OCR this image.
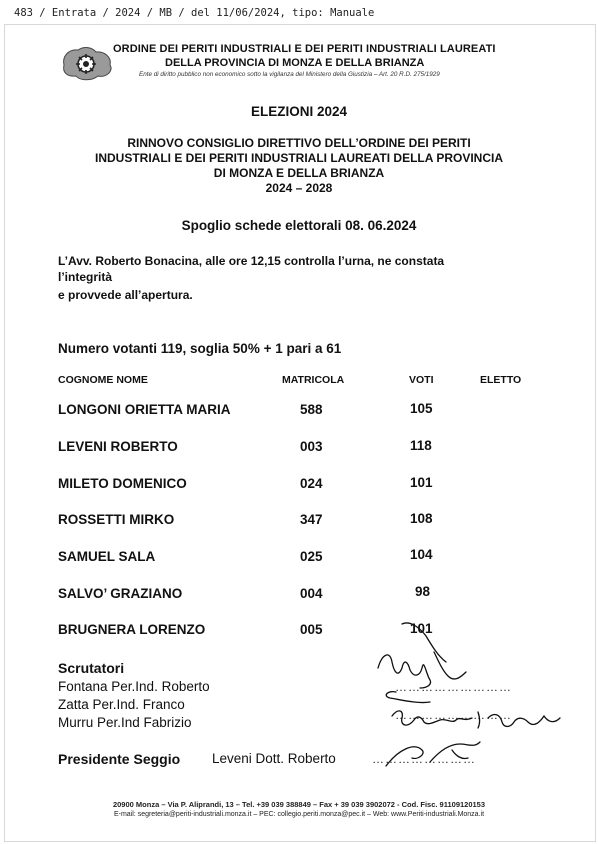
483 / Entrata / 2024 / MB / del 11/06/2024, tipo: Manuale
ORDINE DEI PERITI INDUSTRIALI E DEI PERITI INDUSTRIALI LAUREATI
DELLA PROVINCIA DI MONZA E DELLA BRIANZA
Ente di diritto pubblico non economico sotto la vigilanza del Ministero della Giustizia – Art. 20 R.D. 275/1929
ELEZIONI 2024
RINNOVO CONSIGLIO DIRETTIVO DELL’ORDINE DEI PERITI
INDUSTRIALI E DEI PERITI INDUSTRIALI LAUREATI DELLA PROVINCIA
DI MONZA E DELLA BRIANZA
2024 – 2028
Spoglio schede elettorali 08. 06.2024
L’Avv. Roberto Bonacina, alle ore 12,15 controlla l’urna, ne constata
l’integrità
e provvede all’apertura.
Numero votanti 119, soglia 50% + 1 pari a 61
COGNOME NOME	MATRICOLA	VOTI	ELETTO
LONGONI ORIETTA MARIA	588	105
LEVENI ROBERTO	003	118
MILETO DOMENICO	024	101
ROSSETTI MIRKO	347	108
SAMUEL SALA	025	104
SALVO’ GRAZIANO	004	98
BRUGNERA LORENZO	005	101
Scrutatori
Fontana Per.Ind. Roberto
Zatta Per.Ind. Franco
Murru Per.Ind Fabrizio
………………………
………………………
Presidente Seggio Leveni Dott. Roberto	……………………
20900 Monza – Via P. Aliprandi, 13 – Tel. +39 039 388849 – Fax + 39 039 3902072 - Cod. Fisc. 91109120153
E-mail: segreteria@periti-industriali.monza.it – PEC: collegio.periti.monza@pec.it – Web: www.Periti-industriali.Monza.it
